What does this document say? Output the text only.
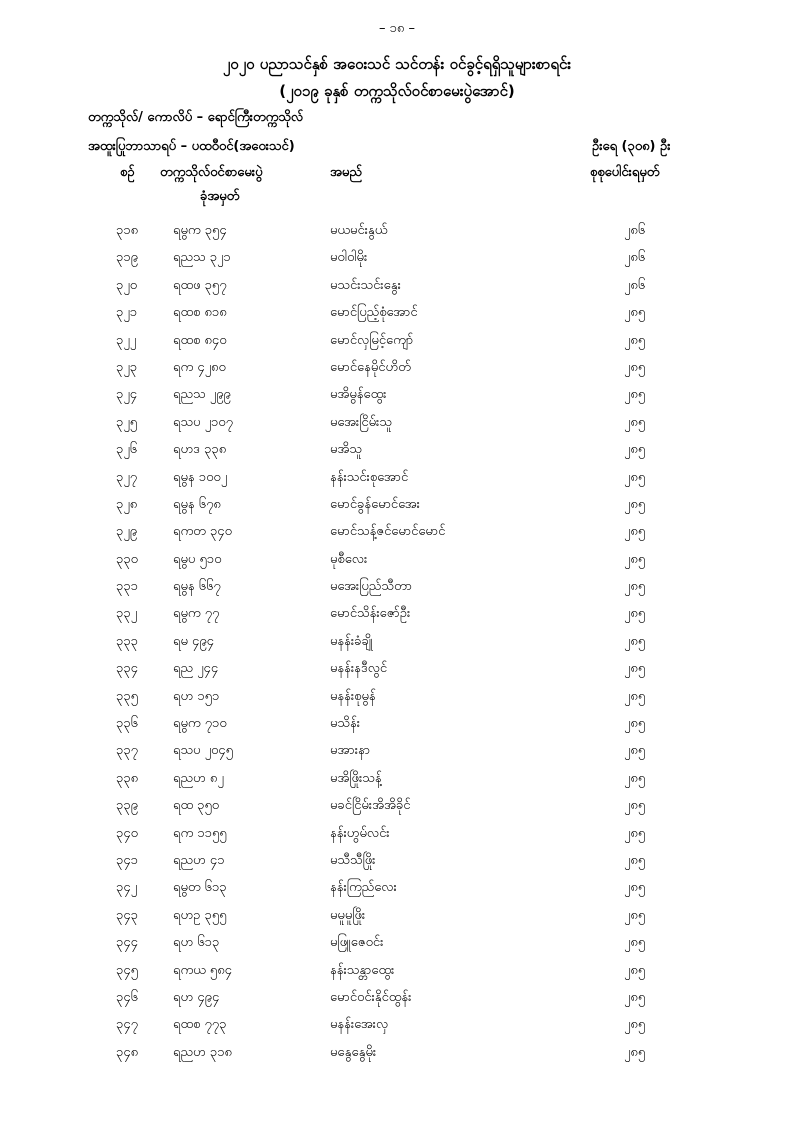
– ၁၈ –
၂၀၂၀ ပညာသင်နှစ် အဝေးသင် သင်တန်း ဝင်ခွင့်ရရှိသူများစာရင်း
(၂၀၁၉ ခုနှစ် တက္ကသိုလ်ဝင်စာမေးပွဲအောင်)
တက္ကသိုလ်/ ကောလိပ် – ‌ရောင်ကြီးတက္ကသိုလ်
အထူးပြုဘာသာရပ် – ပထဝီဝင်(အဝေးသင်)	ဦးရေ (၃၀၈) ဦး
စဉ် တက္ကသိုလ်ဝင်စာမေးပွဲ
ခုံအမှတ်
အမည်	စုစုပေါင်းရမှတ်
၃၁၈	ရမွက ၃၅၄	မယမင်းနွယ်	၂၈၆
၃၁၉	ရညသ ၃၂၁	မဝါဝါမိုး	၂၈၆
၃၂၀	ရထဖ ၃၅၇	မသင်းသင်းနွေး	၂၈၆
၃၂၁	ရထစ ၈၁၈	မောင်ပြည့်စုံအောင်	၂၈၅
၃၂၂	ရထစ ၈၄၀	မောင်လှမြင့်ကျော်	၂၈၅
၃၂၃	ရက ၄၂၈၀	မောင်နေမိုင်ဟိတ်	၂၈၅
၃၂၄	ရညသ ၂၉၉	မအိမွန်ထွေး	၂၈၅
၃၂၅	ရသပ ၂၁၀၇	မအေးငြိမ်းသူ	၂၈၅
၃၂၆	ရဟဒ ၃၃၈	မအိသူ	၂၈၅
၃၂၇	ရမွန ၁၀၀၂	နန်းသင်းစုအောင်	၂၈၅
၃၂၈	ရမွန ၆၇၈	မောင်ခွန်မောင်အေး	၂၈၅
၃၂၉	ရကတ ၃၄၀	မောင်သန့်ဇင်မောင်မောင်	၂၈၅
၃၃၀	ရမွပ ၅၁၀	မုစီလေး	၂၈၅
၃၃၁	ရမွန ၆၆၇	မအေးပြည်သီတာ	၂၈၅
၃၃၂	ရမွက ၇၇	မောင်သိန်းဇော်ဦး	၂၈၅
၃၃၃	ရမ ၄၉၄	မနန်းခံချို	၂၈၅
၃၃၄	ရည ၂၄၄	မနန်းနဒီလွင်	၂၈၅
၃၃၅	ရဟ ၁၅၁	မနန်းစုမွန်	၂၈၅
၃၃၆	ရမွက ၇၁၀	မသိန်း	၂၈၅
၃၃၇	ရသပ ၂၀၄၅	မအားနာ	၂၈၅
၃၃၈	ရညဟ ၈၂	မအိဖြိုးသန့်	၂၈၅
၃၃၉	ရထ ၃၅၀	မခင်ငြိမ်းအိအိခိုင်	၂၈၅
၃၄၀	ရက ၁၁၅၅	နန်းဟွမ်လင်း	၂၈၅
၃၄၁	ရညဟ ၄၁	မသီသီဖြိုး	၂၈၅
၃၄၂	ရမွတ ၆၁၃	နန်းကြည်လေး	၂၈၅
၃၄၃	ရဟဥ ၃၅၅	မမူမူဖြိုး	၂၈၅
၃၄၄	ရဟ ၆၁၃	မဖြူဇေဝင်း	၂၈၅
၃၄၅	ရကယ ၅၈၄	နန်းသန္တာထွေး	၂၈၅
၃၄၆	ရဟ ၄၉၄	မောင်ဝင်းနိုင်ထွန်း	၂၈၅
၃၄၇	ရထစ ၇၇၃	မနန်းအေးလှ	၂၈၅
၃၄၈	ရညဟ ၃၁၈	မနွေနွေမိုး	၂၈၅
